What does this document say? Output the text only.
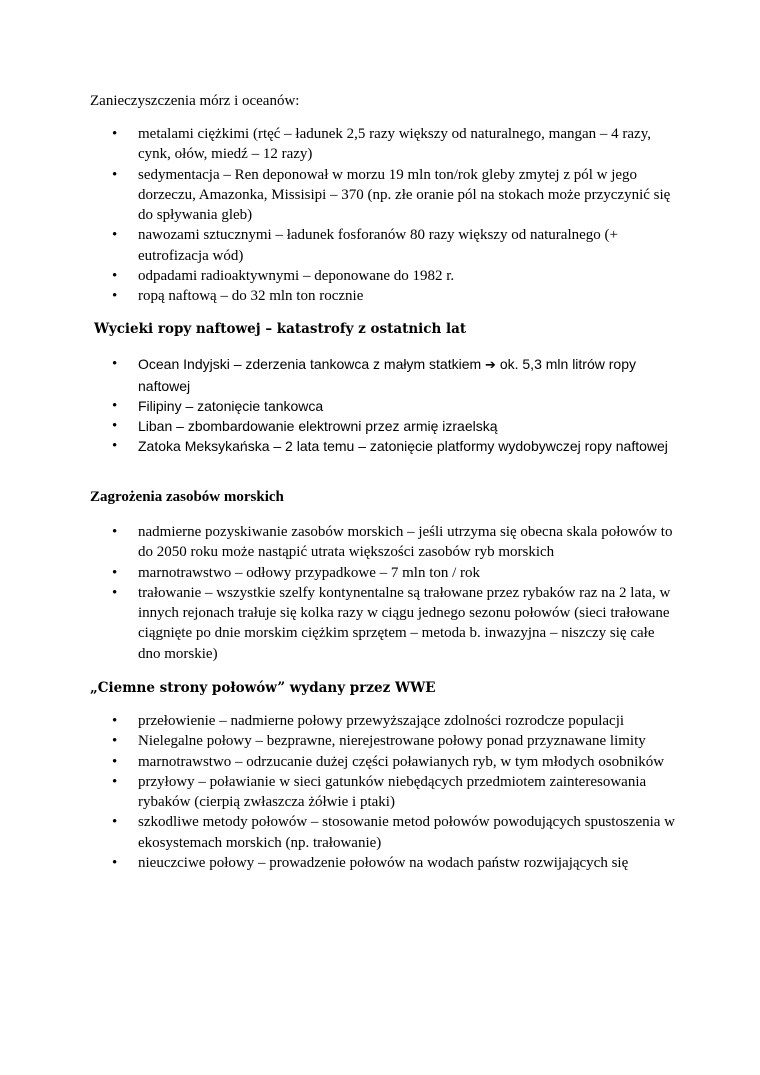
Zanieczyszczenia mórz i oceanów:
• metalami ciężkimi (rtęć – ładunek 2,5 razy większy od naturalnego, mangan – 4 razy, cynk, ołów, miedź – 12 razy)
• sedymentacja – Ren deponował w morzu 19 mln ton/rok gleby zmytej z pól w jego dorzeczu, Amazonka, Missisipi – 370 (np. złe oranie pól na stokach może przyczynić się do spływania gleb)
• nawozami sztucznymi – ładunek fosforanów 80 razy większy od naturalnego (+ eutrofizacja wód)
• odpadami radioaktywnymi – deponowane do 1982 r.
• ropą naftową – do 32 mln ton rocznie
Wycieki ropy naftowej – katastrofy z ostatnich lat
• Ocean Indyjski – zderzenia tankowca z małym statkiem ➔ ok. 5,3 mln litrów ropy naftowej
• Filipiny – zatonięcie tankowca
• Liban – zbombardowanie elektrowni przez armię izraelską
• Zatoka Meksykańska – 2 lata temu – zatonięcie platformy wydobywczej ropy naftowej
Zagrożenia zasobów morskich
• nadmierne pozyskiwanie zasobów morskich – jeśli utrzyma się obecna skala połowów to do 2050 roku może nastąpić utrata większości zasobów ryb morskich
• marnotrawstwo – odłowy przypadkowe – 7 mln ton / rok
• trałowanie – wszystkie szelfy kontynentalne są trałowane przez rybaków raz na 2 lata, w innych rejonach trałuje się kolka razy w ciągu jednego sezonu połowów (sieci trałowane ciągnięte po dnie morskim ciężkim sprzętem – metoda b. inwazyjna – niszczy się całe dno morskie)
„Ciemne strony połowów” wydany przez WWE
• przełowienie – nadmierne połowy przewyższające zdolności rozrodcze populacji
• Nielegalne połowy – bezprawne, nierejestrowane połowy ponad przyznawane limity
• marnotrawstwo – odrzucanie dużej części poławianych ryb, w tym młodych osobników
• przyłowy – poławianie w sieci gatunków niebędących przedmiotem zainteresowania rybaków (cierpią zwłaszcza żółwie i ptaki)
• szkodliwe metody połowów – stosowanie metod połowów powodujących spustoszenia w ekosystemach morskich (np. trałowanie)
• nieuczciwe połowy – prowadzenie połowów na wodach państw rozwijających się
